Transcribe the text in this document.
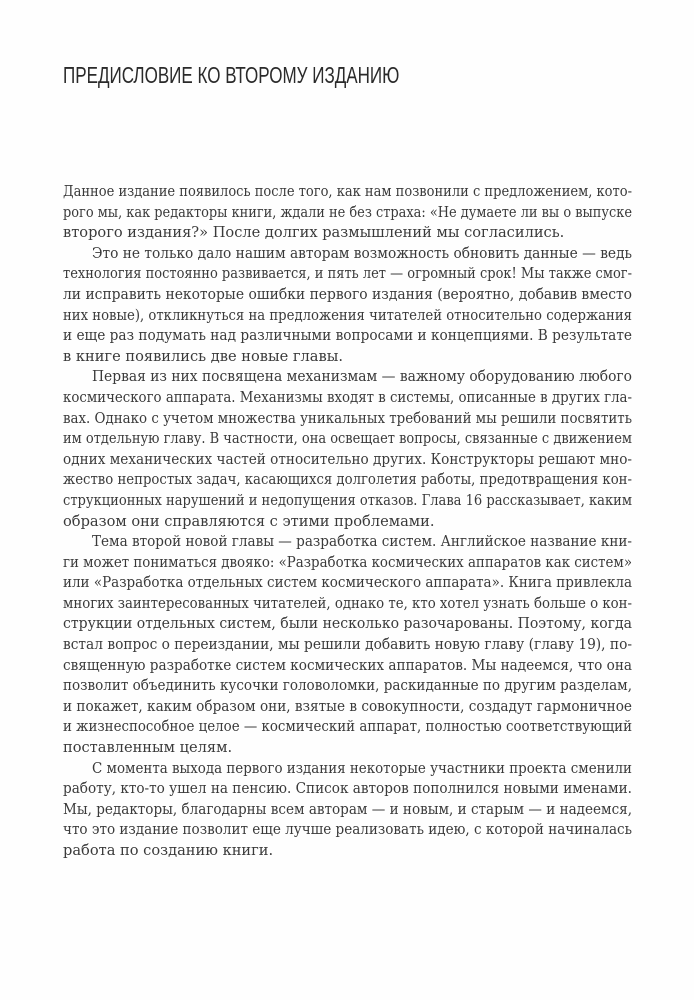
ПРЕДИСЛОВИЕ КО ВТОРОМУ ИЗДАНИЮ
Данное издание появилось после того, как нам позвонили с предложением, кото-
рого мы, как редакторы книги, ждали не без страха: «Не думаете ли вы о выпуске
второго издания?» После долгих размышлений мы согласились.
Это не только дало нашим авторам возможность обновить данные — ведь
технология постоянно развивается, и пять лет — огромный срок! Мы также смог-
ли исправить некоторые ошибки первого издания (вероятно, добавив вместо
них новые), откликнуться на предложения читателей относительно содержания
и еще раз подумать над различными вопросами и концепциями. В результате
в книге появились две новые главы.
Первая из них посвящена механизмам — важному оборудованию любого
космического аппарата. Механизмы входят в системы, описанные в других гла-
вах. Однако с учетом множества уникальных требований мы решили посвятить
им отдельную главу. В частности, она освещает вопросы, связанные с движением
одних механических частей относительно других. Конструкторы решают мно-
жество непростых задач, касающихся долголетия работы, предотвращения кон-
струкционных нарушений и недопущения отказов. Глава 16 рассказывает, каким
образом они справляются с этими проблемами.
Тема второй новой главы — разработка систем. Английское название кни-
ги может пониматься двояко: «Разработка космических аппаратов как систем»
или «Разработка отдельных систем космического аппарата». Книга привлекла
многих заинтересованных читателей, однако те, кто хотел узнать больше о кон-
струкции отдельных систем, были несколько разочарованы. Поэтому, когда
встал вопрос о переиздании, мы решили добавить новую главу (главу 19), по-
священную разработке систем космических аппаратов. Мы надеемся, что она
позволит объединить кусочки головоломки, раскиданные по другим разделам,
и покажет, каким образом они, взятые в совокупности, создадут гармоничное
и жизнеспособное целое — космический аппарат, полностью соответствующий
поставленным целям.
С момента выхода первого издания некоторые участники проекта сменили
работу, кто-то ушел на пенсию. Список авторов пополнился новыми именами.
Мы, редакторы, благодарны всем авторам — и новым, и старым — и надеемся,
что это издание позволит еще лучше реализовать идею, с которой начиналась
работа по созданию книги.
